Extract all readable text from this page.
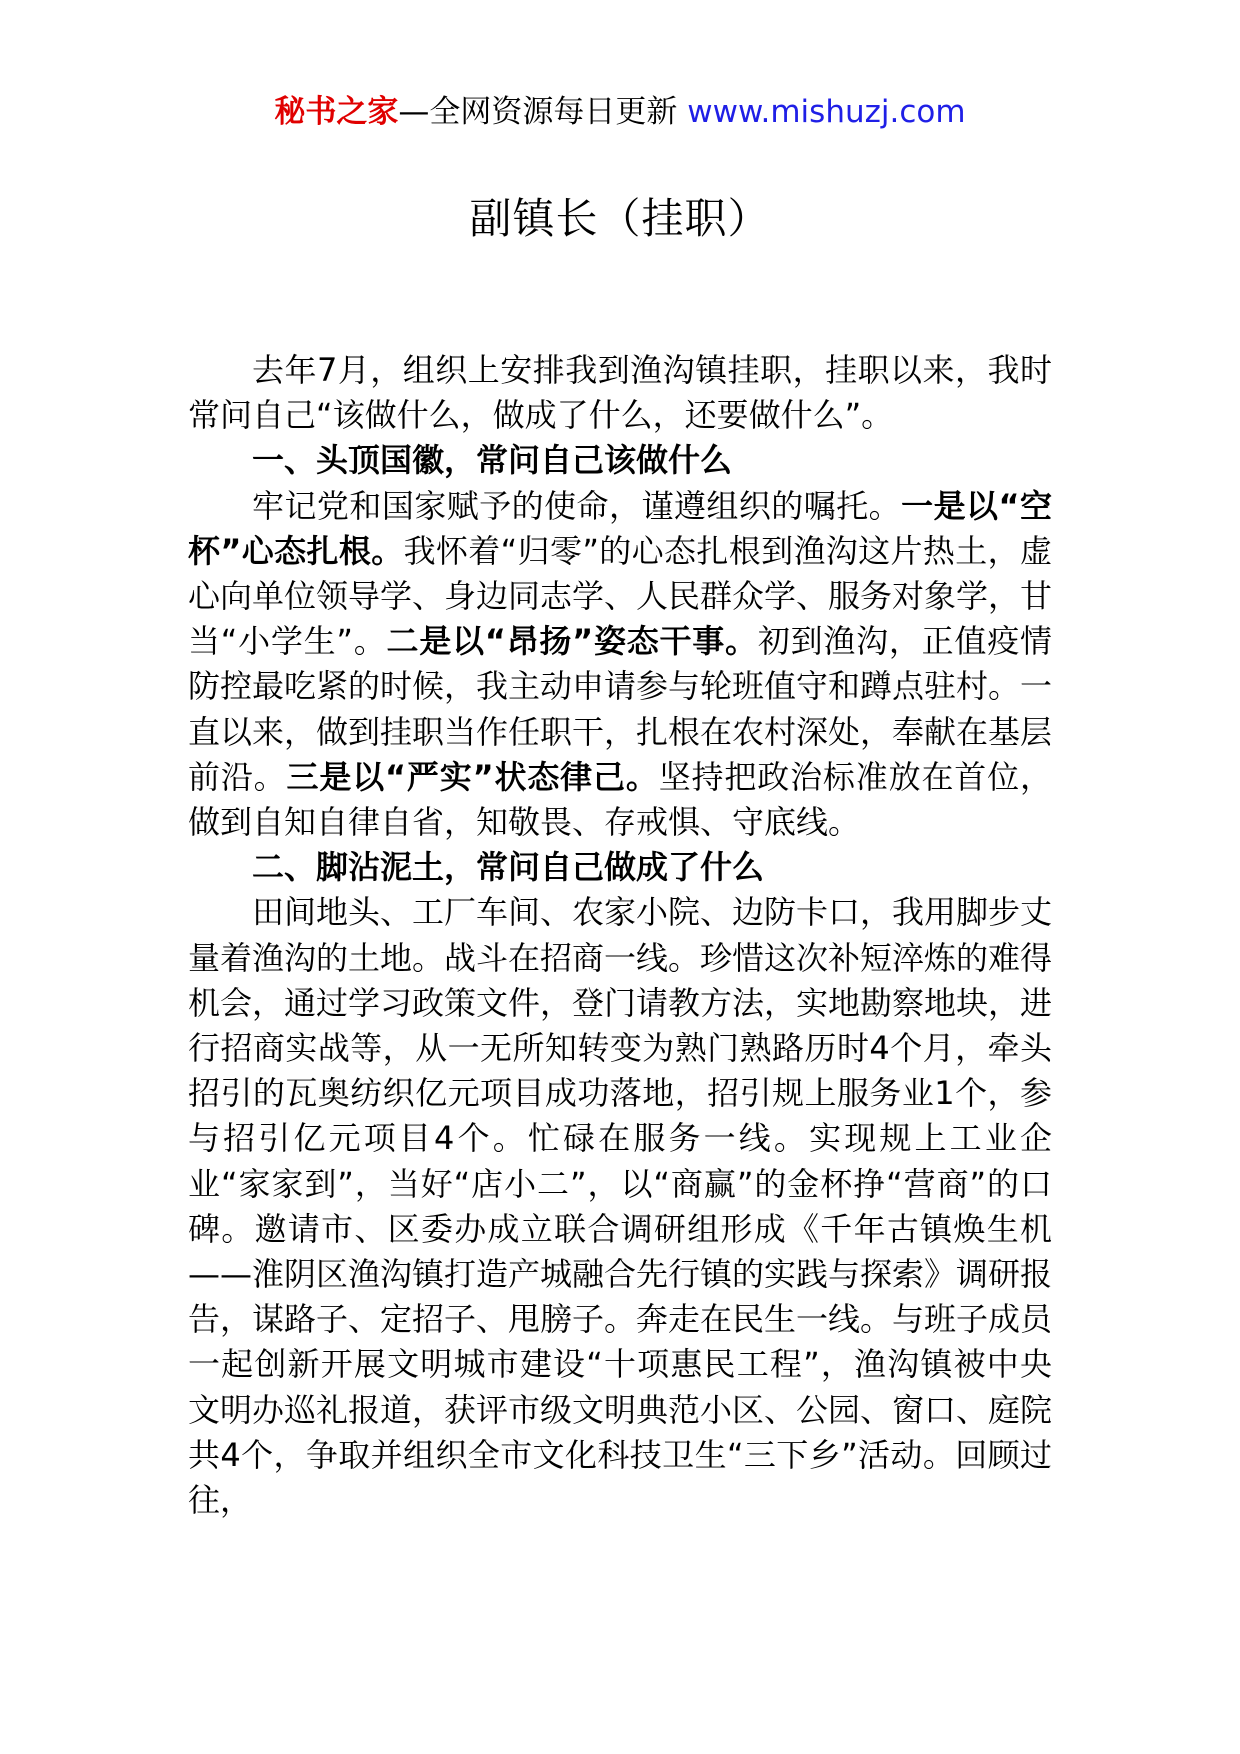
秘书之家—全网资源每日更新 www.mishuzj.com
副镇长（挂职）

去年7月，组织上安排我到渔沟镇挂职，挂职以来，我时常问自己“该做什么，做成了什么，还要做什么”。

一、头顶国徽，常问自己该做什么

牢记党和国家赋予的使命，谨遵组织的嘱托。一是以“空杯”心态扎根。我怀着“归零”的心态扎根到渔沟这片热土，虚心向单位领导学、身边同志学、人民群众学、服务对象学，甘当“小学生”。二是以“昂扬”姿态干事。初到渔沟，正值疫情防控最吃紧的时候，我主动申请参与轮班值守和蹲点驻村。一直以来，做到挂职当作任职干，扎根在农村深处，奉献在基层前沿。三是以“严实”状态律己。坚持把政治标准放在首位，做到自知自律自省，知敬畏、存戒惧、守底线。

二、脚沾泥土，常问自己做成了什么

田间地头、工厂车间、农家小院、边防卡口，我用脚步丈量着渔沟的土地。战斗在招商一线。珍惜这次补短淬炼的难得机会，通过学习政策文件，登门请教方法，实地勘察地块，进行招商实战等，从一无所知转变为熟门熟路历时4个月，牵头招引的瓦奥纺织亿元项目成功落地，招引规上服务业1个，参与招引亿元项目4个。忙碌在服务一线。实现规上工业企业“家家到”，当好“店小二”，以“商赢”的金杯挣“营商”的口碑。邀请市、区委办成立联合调研组形成《千年古镇焕生机——淮阴区渔沟镇打造产城融合先行镇的实践与探索》调研报告，谋路子、定招子、甩膀子。奔走在民生一线。与班子成员一起创新开展文明城市建设“十项惠民工程”，渔沟镇被中央文明办巡礼报道，获评市级文明典范小区、公园、窗口、庭院共4个，争取并组织全市文化科技卫生“三下乡”活动。回顾过往，
